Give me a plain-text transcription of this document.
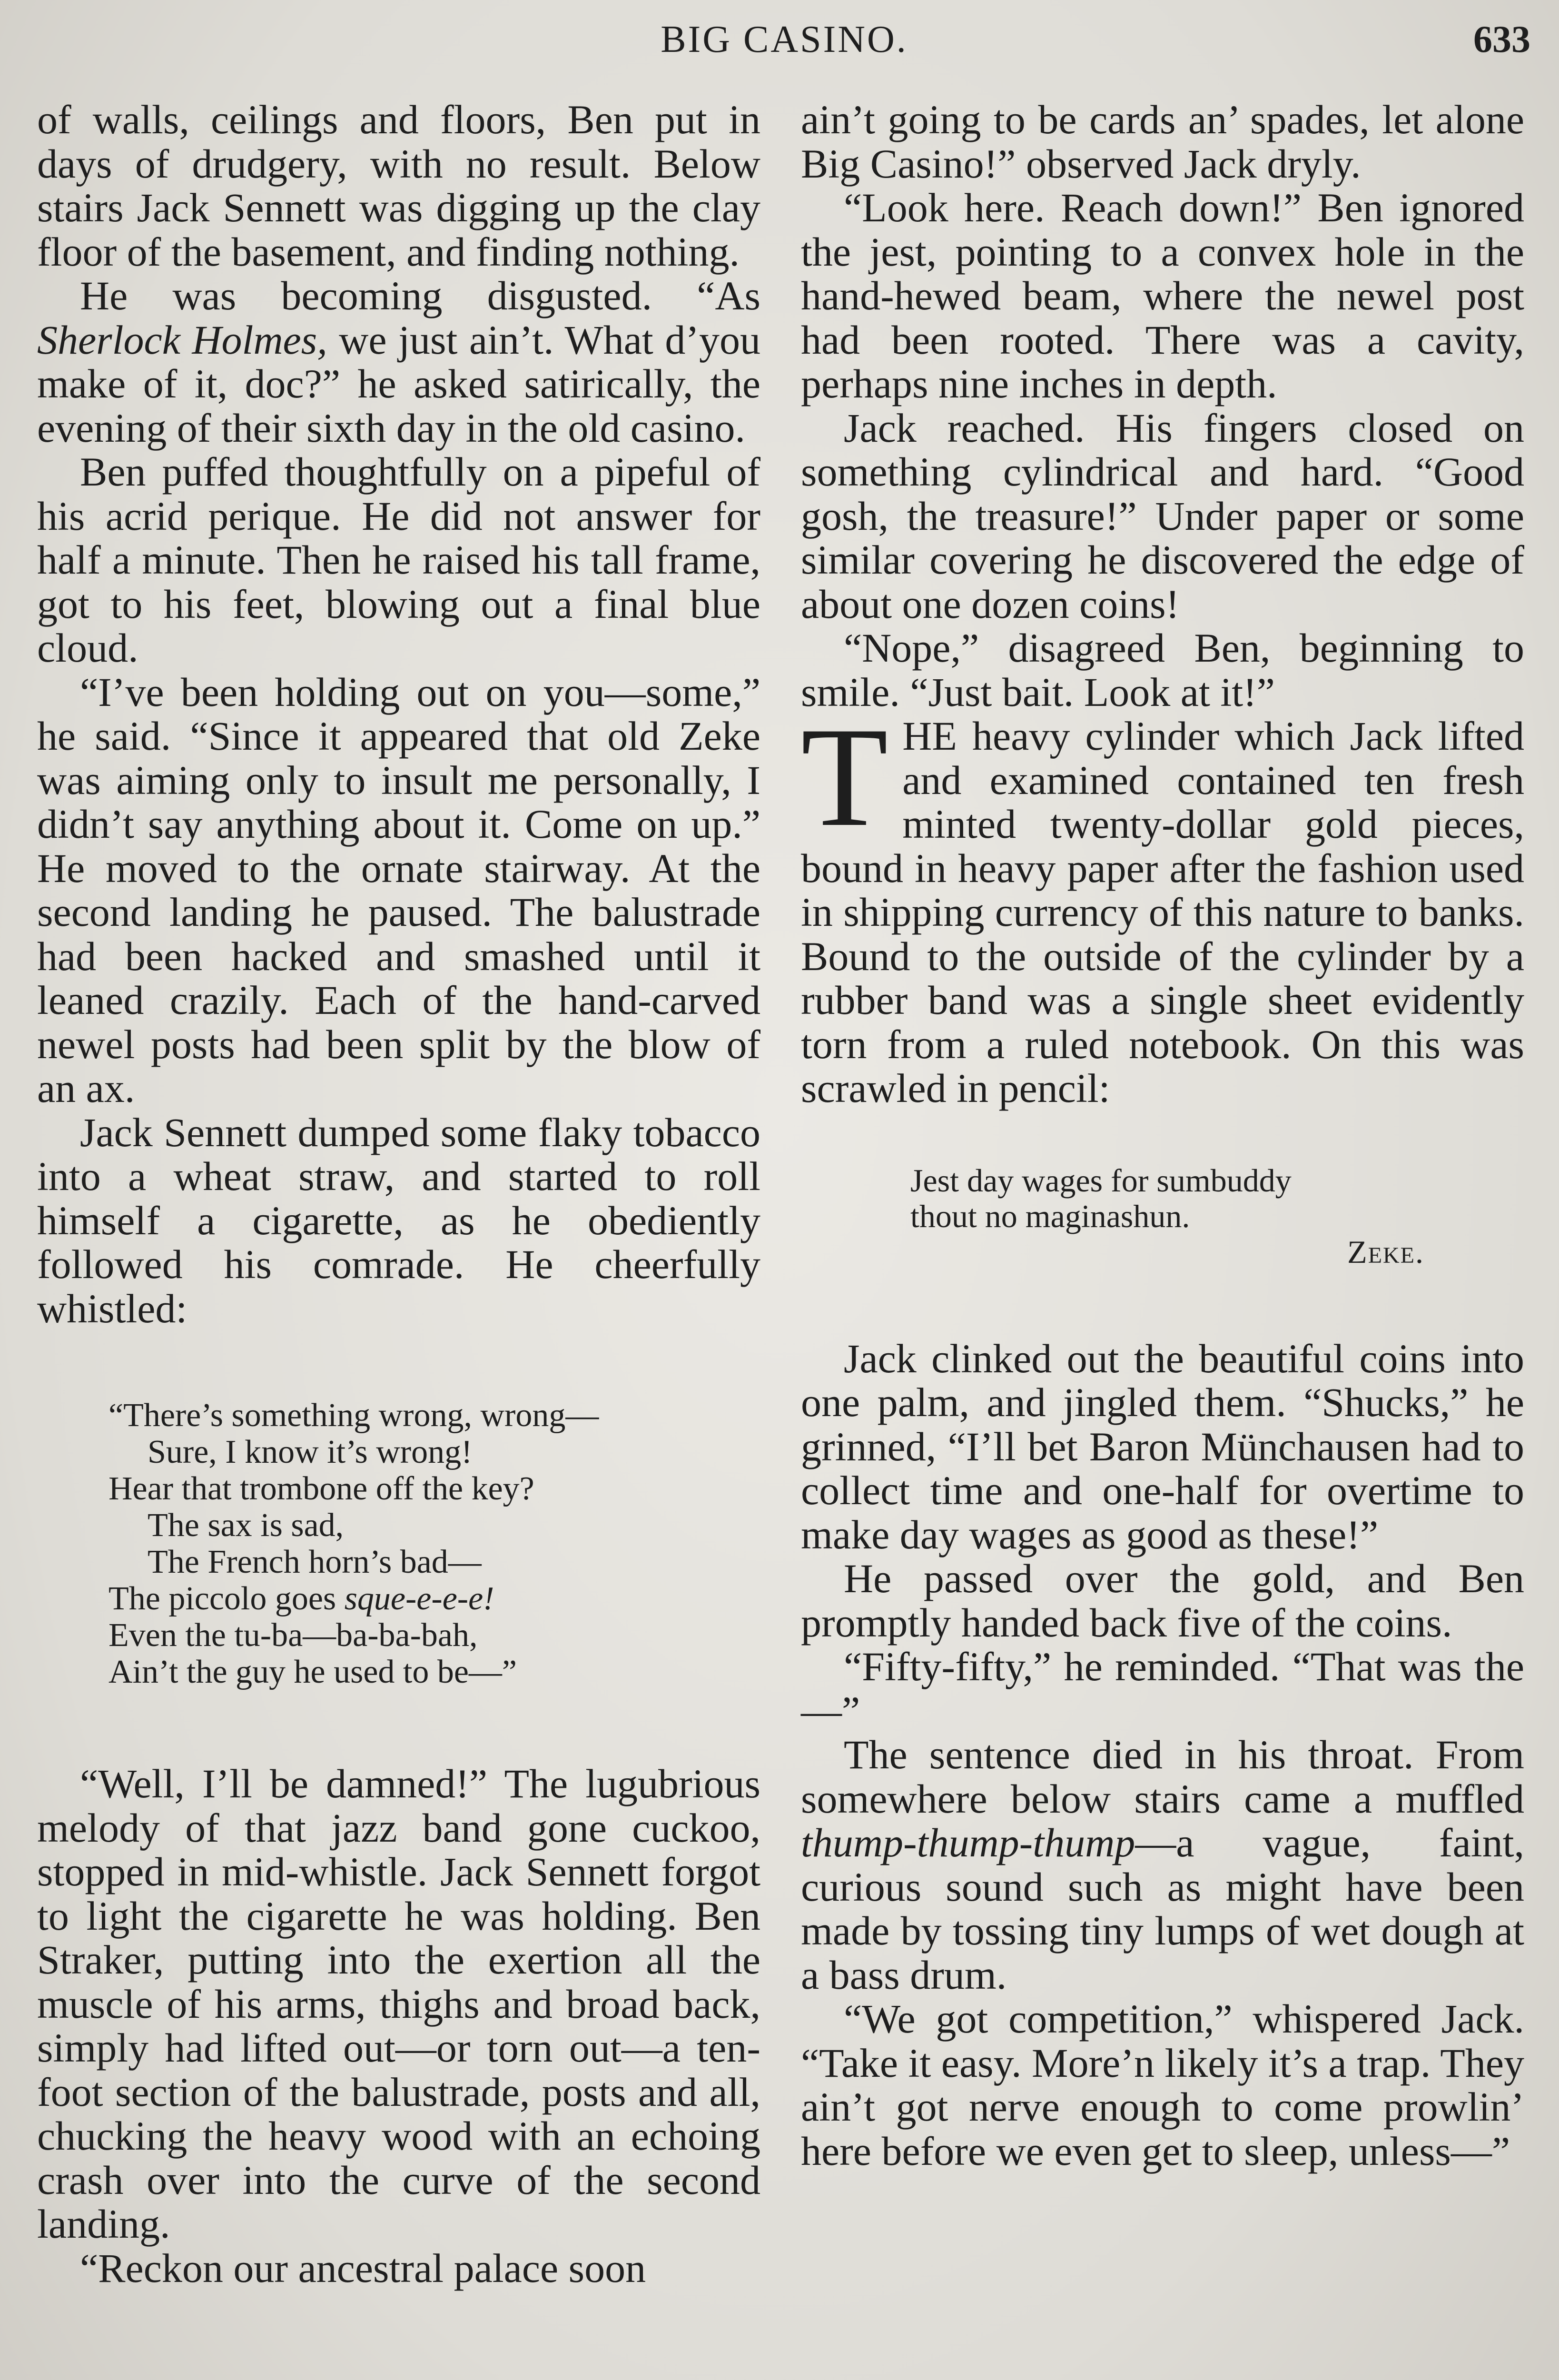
BIG CASINO.	633

of walls, ceilings and floors, Ben put in days of drudgery, with no result. Below stairs Jack Sennett was digging up the clay floor of the basement, and finding nothing.

He was becoming disgusted. “As Sherlock Holmes, we just ain’t. What d’you make of it, doc?” he asked satirically, the evening of their sixth day in the old casino.

Ben puffed thoughtfully on a pipeful of his acrid perique. He did not answer for half a minute. Then he raised his tall frame, got to his feet, blowing out a final blue cloud.

“I’ve been holding out on you—some,” he said. “Since it appeared that old Zeke was aiming only to insult me personally, I didn’t say anything about it. Come on up.” He moved to the ornate stairway. At the second landing he paused. The balustrade had been hacked and smashed until it leaned crazily. Each of the hand-carved newel posts had been split by the blow of an ax.

Jack Sennett dumped some flaky tobacco into a wheat straw, and started to roll himself a cigarette, as he obediently followed his comrade. He cheerfully whistled:

“There’s something wrong, wrong—
Sure, I know it’s wrong!
Hear that trombone off the key?
The sax is sad,
The French horn’s bad—
The piccolo goes sque-e-e-e!
Even the tu-ba—ba-ba-bah,
Ain’t the guy he used to be—”

“Well, I’ll be damned!” The lugubrious melody of that jazz band gone cuckoo, stopped in mid-whistle. Jack Sennett forgot to light the cigarette he was holding. Ben Straker, putting into the exertion all the muscle of his arms, thighs and broad back, simply had lifted out—or torn out—a ten-foot section of the balustrade, posts and all, chucking the heavy wood with an echoing crash over into the curve of the second landing.

“Reckon our ancestral palace soon

ain’t going to be cards an’ spades, let alone Big Casino!” observed Jack dryly.

“Look here. Reach down!” Ben ignored the jest, pointing to a convex hole in the hand-hewed beam, where the newel post had been rooted. There was a cavity, perhaps nine inches in depth.

Jack reached. His fingers closed on something cylindrical and hard. “Good gosh, the treasure!” Under paper or some similar covering he discovered the edge of about one dozen coins!

“Nope,” disagreed Ben, beginning to smile. “Just bait. Look at it!”

THE heavy cylinder which Jack lifted and examined contained ten fresh minted twenty-dollar gold pieces, bound in heavy paper after the fashion used in shipping currency of this nature to banks. Bound to the outside of the cylinder by a rubber band was a single sheet evidently torn from a ruled notebook. On this was scrawled in pencil:

Jest day wages for sumbuddy
thout no maginashun.
Zeke.

Jack clinked out the beautiful coins into one palm, and jingled them. “Shucks,” he grinned, “I’ll bet Baron Münchausen had to collect time and one-half for overtime to make day wages as good as these!”

He passed over the gold, and Ben promptly handed back five of the coins.

“Fifty-fifty,” he reminded. “That was the—”

The sentence died in his throat. From somewhere below stairs came a muffled thump-thump-thump—a vague, faint, curious sound such as might have been made by tossing tiny lumps of wet dough at a bass drum.

“We got competition,” whispered Jack. “Take it easy. More’n likely it’s a trap. They ain’t got nerve enough to come prowlin’ here before we even get to sleep, unless—”
